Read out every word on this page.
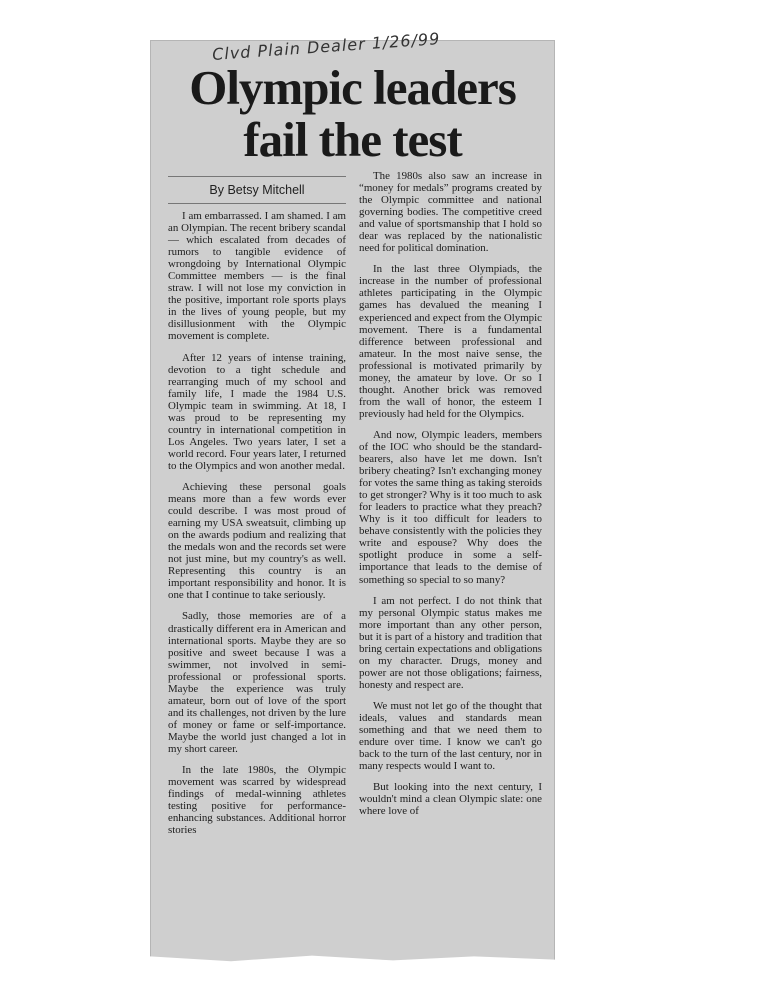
Clvd Plain Dealer 1/26/99
Olympic leaders
fail the test
By Betsy Mitchell

I am embarrassed. I am shamed. I am an Olympian. The recent bribery scandal — which escalated from decades of rumors to tangible evidence of wrongdoing by International Olympic Committee members — is the final straw. I will not lose my conviction in the positive, important role sports plays in the lives of young people, but my disillusionment with the Olympic movement is complete.

After 12 years of intense training, devotion to a tight schedule and rearranging much of my school and family life, I made the 1984 U.S. Olympic team in swimming. At 18, I was proud to be representing my country in international competition in Los Angeles. Two years later, I set a world record. Four years later, I returned to the Olympics and won another medal.

Achieving these personal goals means more than a few words ever could describe. I was most proud of earning my USA sweatsuit, climbing up on the awards podium and realizing that the medals won and the records set were not just mine, but my country's as well. Representing this country is an important responsibility and honor. It is one that I continue to take seriously.

Sadly, those memories are of a drastically different era in American and international sports. Maybe they are so positive and sweet because I was a swimmer, not involved in semi-professional or professional sports. Maybe the experience was truly amateur, born out of love of the sport and its challenges, not driven by the lure of money or fame or self-importance. Maybe the world just changed a lot in my short career.

In the late 1980s, the Olympic movement was scarred by widespread findings of medal-winning athletes testing positive for performance-enhancing substances. Additional horror stories

The 1980s also saw an increase in “money for medals” programs created by the Olympic committee and national governing bodies. The competitive creed and value of sportsmanship that I hold so dear was replaced by the nationalistic need for political domination.

In the last three Olympiads, the increase in the number of professional athletes participating in the Olympic games has devalued the meaning I experienced and expect from the Olympic movement. There is a fundamental difference between professional and amateur. In the most naive sense, the professional is motivated primarily by money, the amateur by love. Or so I thought. Another brick was removed from the wall of honor, the esteem I previously had held for the Olympics.

And now, Olympic leaders, members of the IOC who should be the standard-bearers, also have let me down. Isn't bribery cheating? Isn't exchanging money for votes the same thing as taking steroids to get stronger? Why is it too much to ask for leaders to practice what they preach? Why is it too difficult for leaders to behave consistently with the policies they write and espouse? Why does the spotlight produce in some a self-importance that leads to the demise of something so special to so many?

I am not perfect. I do not think that my personal Olympic status makes me more important than any other person, but it is part of a history and tradition that bring certain expectations and obligations on my character. Drugs, money and power are not those obligations; fairness, honesty and respect are.

We must not let go of the thought that ideals, values and standards mean something and that we need them to endure over time. I know we can't go back to the turn of the last century, nor in many respects would I want to.

But looking into the next century, I wouldn't mind a clean Olympic slate: one where love of
